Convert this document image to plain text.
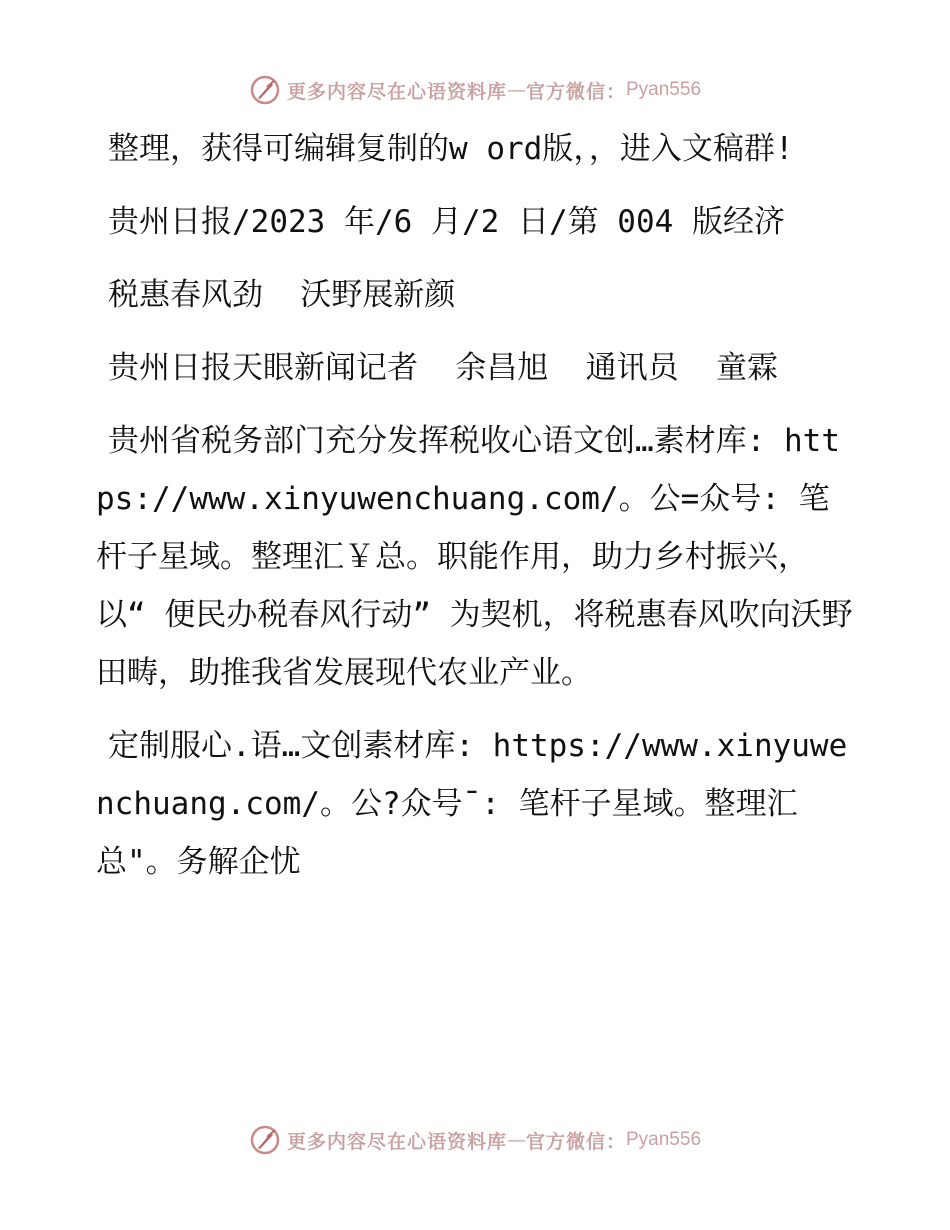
更多内容尽在心语资料库 — 官方微信： Pyan556

整理，获得可编辑复制的w ord版，，进入文稿群!

贵州日报/2023 年/6 月/2 日/第 004 版经济

税惠春风劲  沃野展新颜

贵州日报天眼新闻记者  余昌旭  通讯员  童霖

贵州省税务部门充分发挥税收心语文创…素材库: https://www.xinyuwenchuang.com/。公=众号: 笔杆子星域。整理汇￥总。职能作用，助力乡村振兴，以“ 便民办税春风行动” 为契机，将税惠春风吹向沃野田畴，助推我省发展现代农业产业。

定制服心.语…文创素材库: https://www.xinyuwenchuang.com/。公?众号¯: 笔杆子星域。整理汇总"。务解企忧

更多内容尽在心语资料库 — 官方微信： Pyan556
